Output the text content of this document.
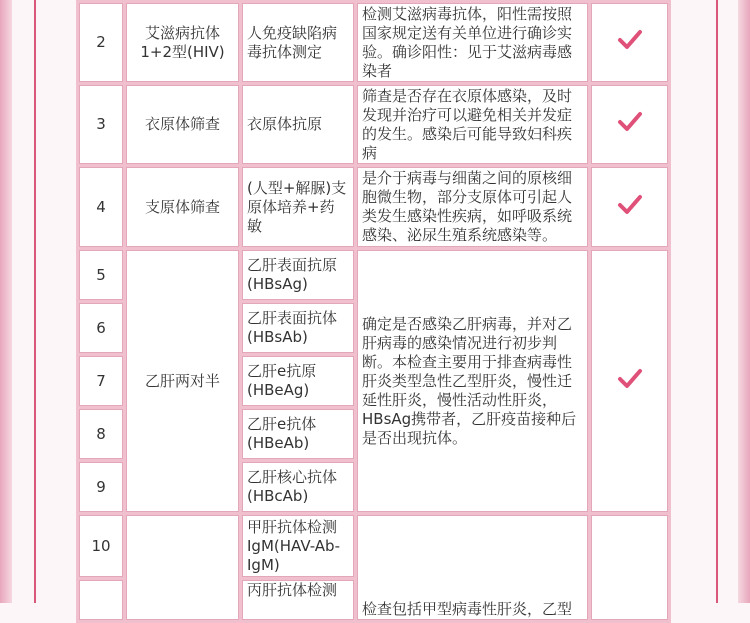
2	艾滋病抗体1+2型(HIV)	人免疫缺陷病毒抗体测定	检测艾滋病毒抗体，阳性需按照国家规定送有关单位进行确诊实验。确诊阳性：见于艾滋病毒感染者	
3	衣原体筛查	衣原体抗原	筛查是否存在衣原体感染，及时发现并治疗可以避免相关并发症的发生。感染后可能导致妇科疾病	
4	支原体筛查	(人型+解脲)支原体培养+药敏	是介于病毒与细菌之间的原核细胞微生物，部分支原体可引起人类发生感染性疾病，如呼吸系统感染、泌尿生殖系统感染等。	
5	乙肝两对半	乙肝表面抗原(HBsAg)	确定是否感染乙肝病毒，并对乙肝病毒的感染情况进行初步判断。本检查主要用于排查病毒性肝炎类型急性乙型肝炎，慢性迁延性肝炎，慢性活动性肝炎，HBsAg携带者，乙肝疫苗接种后是否出现抗体。	
6		乙肝表面抗体(HBsAb)		
7		乙肝e抗原(HBeAg)		
8		乙肝e抗体(HBeAb)		
9		乙肝核心抗体(HBcAb)		
10		甲肝抗体检测IgM(HAV-Ab-IgM)	检查包括甲型病毒性肝炎，乙型	
		丙肝抗体检测		
